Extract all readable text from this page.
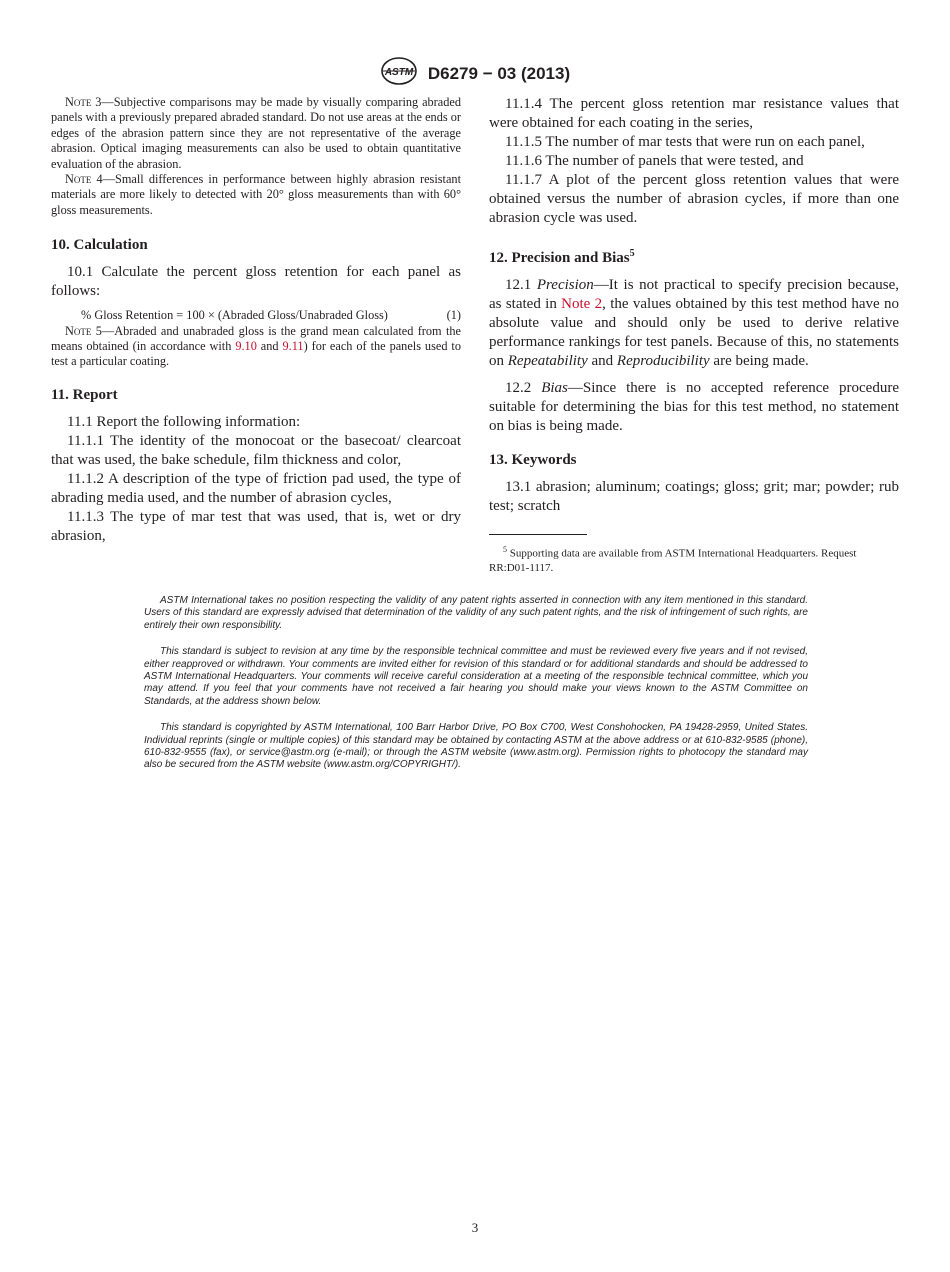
ASTM D6279 − 03 (2013)

Note 3—Subjective comparisons may be made by visually comparing abraded panels with a previously prepared abraded standard. Do not use areas at the ends or edges of the abrasion pattern since they are not representative of the average abrasion. Optical imaging measurements can also be used to obtain quantitative evaluation of the abrasion.

Note 4—Small differences in performance between highly abrasion resistant materials are more likely to detected with 20° gloss measurements than with 60° gloss measurements.

10. Calculation

10.1 Calculate the percent gloss retention for each panel as follows:

% Gloss Retention = 100 × (Abraded Gloss/Unabraded Gloss)	(1)

Note 5—Abraded and unabraded gloss is the grand mean calculated from the means obtained (in accordance with 9.10 and 9.11) for each of the panels used to test a particular coating.

11. Report

11.1 Report the following information:

11.1.1 The identity of the monocoat or the basecoat/ clearcoat that was used, the bake schedule, film thickness and color,

11.1.2 A description of the type of friction pad used, the type of abrading media used, and the number of abrasion cycles,

11.1.3 The type of mar test that was used, that is, wet or dry abrasion,

11.1.4 The percent gloss retention mar resistance values that were obtained for each coating in the series,

11.1.5 The number of mar tests that were run on each panel,

11.1.6 The number of panels that were tested, and

11.1.7 A plot of the percent gloss retention values that were obtained versus the number of abrasion cycles, if more than one abrasion cycle was used.

12. Precision and Bias$^5$

12.1 Precision—It is not practical to specify precision because, as stated in Note 2, the values obtained by this test method have no absolute value and should only be used to derive relative performance rankings for test panels. Because of this, no statements on Repeatability and Reproducibility are being made.

12.2 Bias—Since there is no accepted reference procedure suitable for determining the bias for this test method, no statement on bias is being made.

13. Keywords

13.1 abrasion; aluminum; coatings; gloss; grit; mar; powder; rub test; scratch

$^5$ Supporting data are available from ASTM International Headquarters. Request RR:D01-1117.

ASTM International takes no position respecting the validity of any patent rights asserted in connection with any item mentioned in this standard. Users of this standard are expressly advised that determination of the validity of any such patent rights, and the risk of infringement of such rights, are entirely their own responsibility.

This standard is subject to revision at any time by the responsible technical committee and must be reviewed every five years and if not revised, either reapproved or withdrawn. Your comments are invited either for revision of this standard or for additional standards and should be addressed to ASTM International Headquarters. Your comments will receive careful consideration at a meeting of the responsible technical committee, which you may attend. If you feel that your comments have not received a fair hearing you should make your views known to the ASTM Committee on Standards, at the address shown below.

This standard is copyrighted by ASTM International, 100 Barr Harbor Drive, PO Box C700, West Conshohocken, PA 19428-2959, United States. Individual reprints (single or multiple copies) of this standard may be obtained by contacting ASTM at the above address or at 610-832-9585 (phone), 610-832-9555 (fax), or service@astm.org (e-mail); or through the ASTM website (www.astm.org). Permission rights to photocopy the standard may also be secured from the ASTM website (www.astm.org/COPYRIGHT/).

3
